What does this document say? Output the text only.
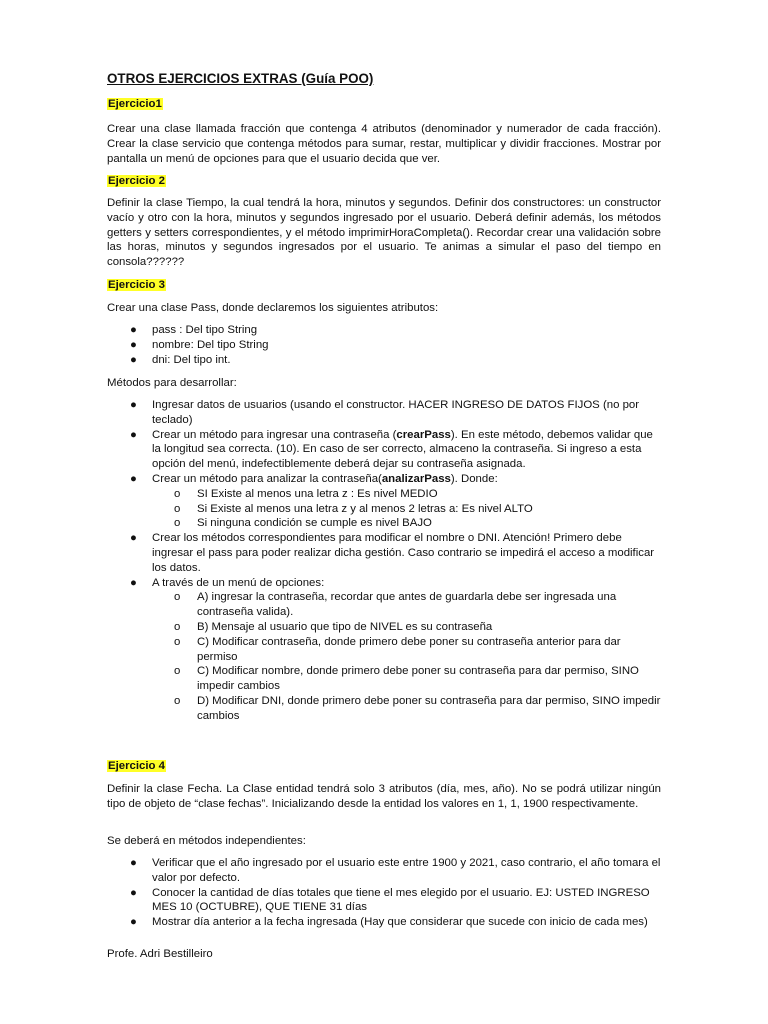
OTROS EJERCICIOS EXTRAS (Guía POO)

Ejercicio1

Crear una clase llamada fracción que contenga 4 atributos (denominador y numerador de cada fracción). Crear la clase servicio que contenga métodos para sumar, restar, multiplicar y dividir fracciones. Mostrar por pantalla un menú de opciones para que el usuario decida que ver.

Ejercicio 2

Definir la clase Tiempo, la cual tendrá la hora, minutos y segundos. Definir dos constructores: un constructor vacío y otro con la hora, minutos y segundos ingresado por el usuario. Deberá definir además, los métodos getters y setters correspondientes, y el método imprimirHoraCompleta(). Recordar crear una validación sobre las horas, minutos y segundos ingresados por el usuario. Te animas a simular el paso del tiempo en consola??????

Ejercicio 3

Crear una clase Pass, donde declaremos los siguientes atributos:

● pass : Del tipo String
● nombre: Del tipo String
● dni: Del tipo int.

Métodos para desarrollar:

● Ingresar datos de usuarios (usando el constructor. HACER INGRESO DE DATOS FIJOS (no por teclado)
● Crear un método para ingresar una contraseña (crearPass). En este método, debemos validar que la longitud sea correcta. (10). En caso de ser correcto, almaceno la contraseña. Si ingreso a esta opción del menú, indefectiblemente deberá dejar su contraseña asignada.
● Crear un método para analizar la contraseña(analizarPass). Donde:
o SI Existe al menos una letra z : Es nivel MEDIO
o Si Existe al menos una letra z y al menos 2 letras a: Es nivel ALTO
o Si ninguna condición se cumple es nivel BAJO
● Crear los métodos correspondientes para modificar el nombre o DNI. Atención! Primero debe ingresar el pass para poder realizar dicha gestión. Caso contrario se impedirá el acceso a modificar los datos.
● A través de un menú de opciones:
o A) ingresar la contraseña, recordar que antes de guardarla debe ser ingresada una contraseña valida).
o B) Mensaje al usuario que tipo de NIVEL es su contraseña
o C) Modificar contraseña, donde primero debe poner su contraseña anterior para dar permiso
o C) Modificar nombre, donde primero debe poner su contraseña para dar permiso, SINO impedir cambios
o D) Modificar DNI, donde primero debe poner su contraseña para dar permiso, SINO impedir cambios

Ejercicio 4

Definir la clase Fecha. La Clase entidad tendrá solo 3 atributos (día, mes, año). No se podrá utilizar ningún tipo de objeto de “clase fechas”. Inicializando desde la entidad los valores en 1, 1, 1900 respectivamente.

Se deberá en métodos independientes:

● Verificar que el año ingresado por el usuario este entre 1900 y 2021, caso contrario, el año tomara el valor por defecto.
● Conocer la cantidad de días totales que tiene el mes elegido por el usuario. EJ: USTED INGRESO MES 10 (OCTUBRE), QUE TIENE 31 días
● Mostrar día anterior a la fecha ingresada (Hay que considerar que sucede con inicio de cada mes)

Profe. Adri Bestilleiro
